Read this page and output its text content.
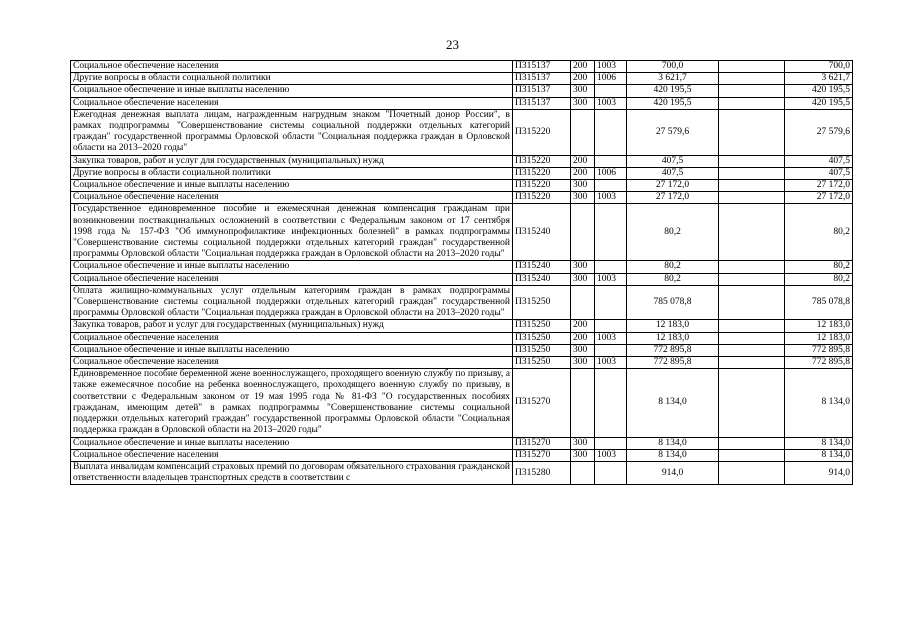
23
Социальное обеспечение населения	П315137	200	1003	700,0		700,0
Другие вопросы в области социальной политики	П315137	200	1006	3 621,7		3 621,7
Социальное обеспечение и иные выплаты населению	П315137	300		420 195,5		420 195,5
Социальное обеспечение населения	П315137	300	1003	420 195,5		420 195,5
Ежегодная денежная выплата лицам, награжденным нагрудным знаком "Почетный донор России", в рамках подпрограммы "Совершенствование системы социальной поддержки отдельных категорий граждан" государственной программы Орловской области "Социальная поддержка граждан в Орловской области на 2013–2020 годы"	П315220			27 579,6		27 579,6
Закупка товаров, работ и услуг для государственных (муниципальных) нужд	П315220	200		407,5		407,5
Другие вопросы в области социальной политики	П315220	200	1006	407,5		407,5
Социальное обеспечение и иные выплаты населению	П315220	300		27 172,0		27 172,0
Социальное обеспечение населения	П315220	300	1003	27 172,0		27 172,0
Государственное единовременное пособие и ежемесячная денежная компенсация гражданам при возникновении поствакцинальных осложнений в соответствии с Федеральным законом от 17 сентября 1998 года № 157-ФЗ "Об иммунопрофилактике инфекционных болезней" в рамках подпрограммы "Совершенствование системы социальной поддержки отдельных категорий граждан" государственной программы Орловской области "Социальная поддержка граждан в Орловской области на 2013–2020 годы"	П315240			80,2		80,2
Социальное обеспечение и иные выплаты населению	П315240	300		80,2		80,2
Социальное обеспечение населения	П315240	300	1003	80,2		80,2
Оплата жилищно-коммунальных услуг отдельным категориям граждан в рамках подпрограммы "Совершенствование системы социальной поддержки отдельных категорий граждан" государственной программы Орловской области "Социальная поддержка граждан в Орловской области на 2013–2020 годы"	П315250			785 078,8		785 078,8
Закупка товаров, работ и услуг для государственных (муниципальных) нужд	П315250	200		12 183,0		12 183,0
Социальное обеспечение населения	П315250	200	1003	12 183,0		12 183,0
Социальное обеспечение и иные выплаты населению	П315250	300		772 895,8		772 895,8
Социальное обеспечение населения	П315250	300	1003	772 895,8		772 895,8
Единовременное пособие беременной жене военнослужащего, проходящего военную службу по призыву, а также ежемесячное пособие на ребенка военнослужащего, проходящего военную службу по призыву, в соответствии с Федеральным законом от 19 мая 1995 года № 81-ФЗ "О государственных пособиях гражданам, имеющим детей" в рамках подпрограммы "Совершенствование системы социальной поддержки отдельных категорий граждан" государственной программы Орловской области "Социальная поддержка граждан в Орловской области на 2013–2020 годы"	П315270			8 134,0		8 134,0
Социальное обеспечение и иные выплаты населению	П315270	300		8 134,0		8 134,0
Социальное обеспечение населения	П315270	300	1003	8 134,0		8 134,0
Выплата инвалидам компенсаций страховых премий по договорам обязательного страхования гражданской ответственности владельцев транспортных средств в соответствии с	П315280			914,0		914,0
